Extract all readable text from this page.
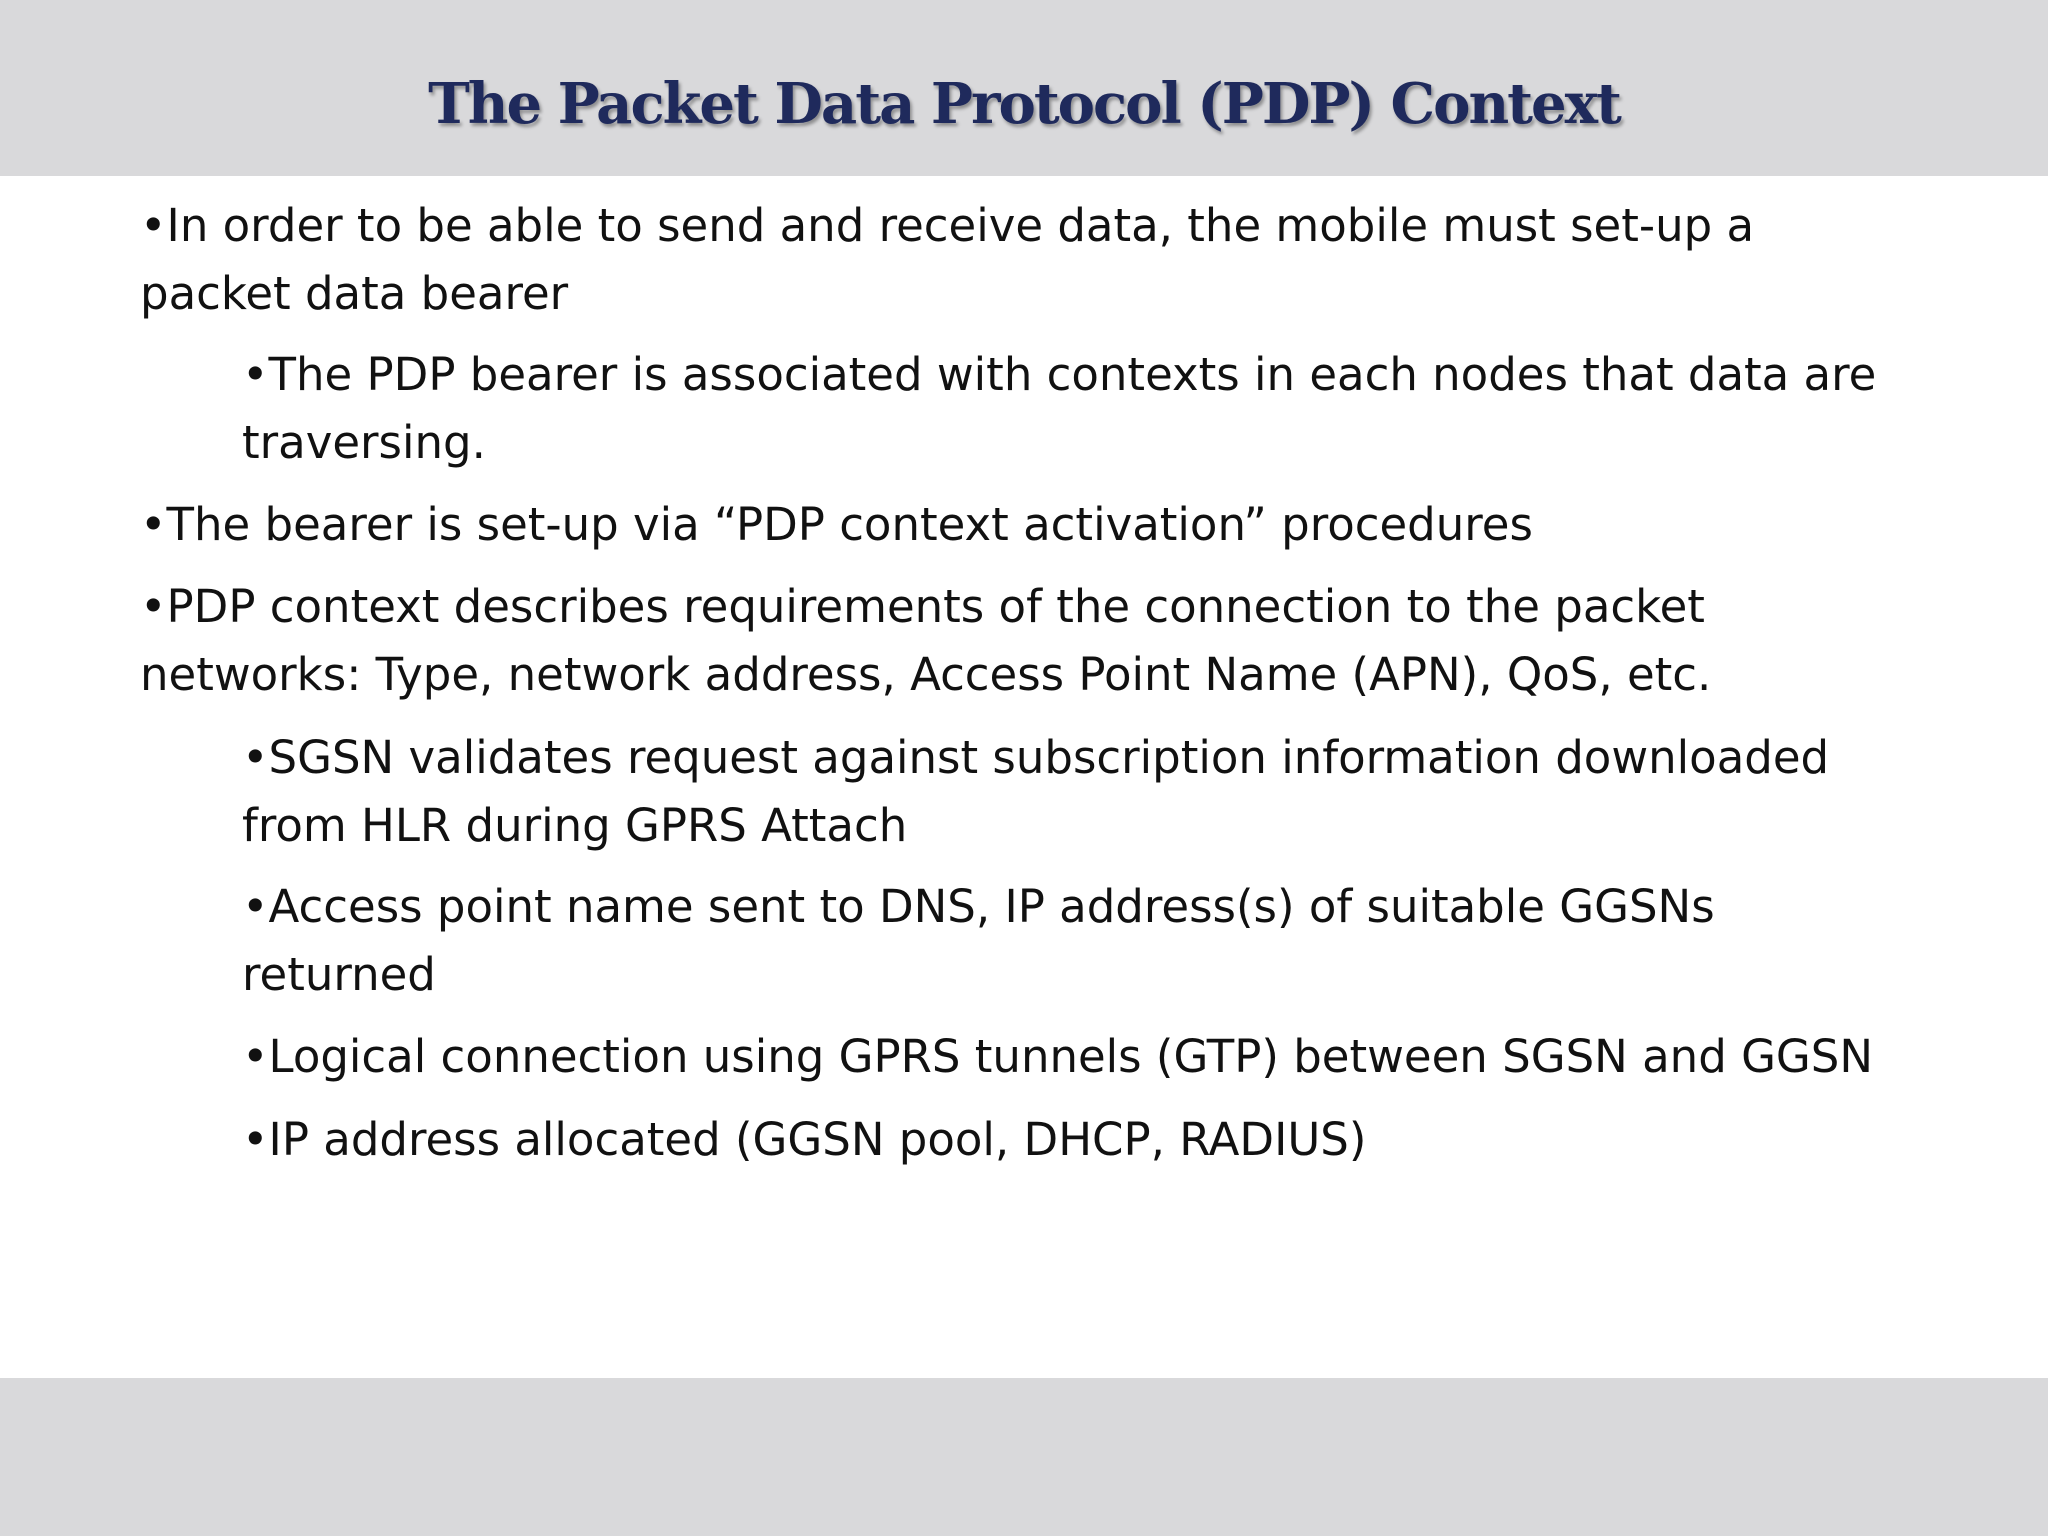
The Packet Data Protocol (PDP) Context

•In order to be able to send and receive data, the mobile must set-up a
packet data bearer

•The PDP bearer is associated with contexts in each nodes that data are
traversing.

•The bearer is set-up via “PDP context activation” procedures

•PDP context describes requirements of the connection to the packet
networks: Type, network address, Access Point Name (APN), QoS, etc.

•SGSN validates request against subscription information downloaded
from HLR during GPRS Attach

•Access point name sent to DNS, IP address(s) of suitable GGSNs
returned

•Logical connection using GPRS tunnels (GTP) between SGSN and GGSN

•IP address allocated (GGSN pool, DHCP, RADIUS)
